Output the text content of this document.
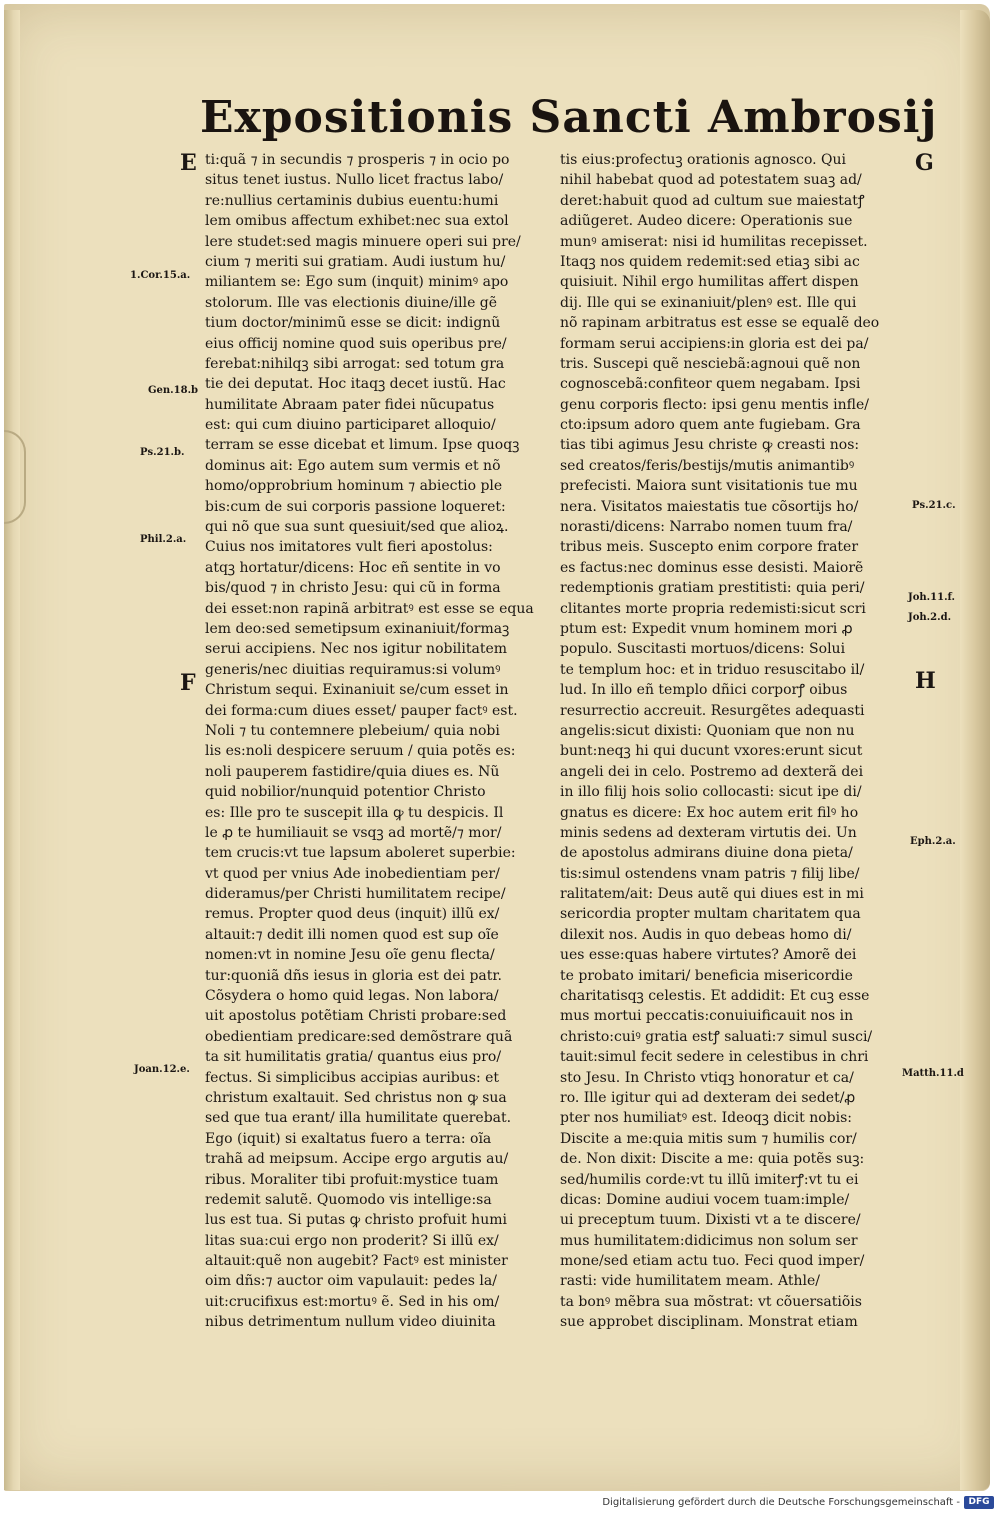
Expositionis Sancti Ambrosij
E
F
G
H
1.Cor.15.a.
Gen.18.b
Ps.21.b.
Phil.2.a.
Joan.12.e.
Ps.21.c.
Joh.11.f.
Joh.2.d.
Eph.2.a.
Matth.11.d
ti:quã ⁊ in secundis ⁊ prosperis ⁊ in ocio po
situs tenet iustus. Nullo licet fractus labo/
re:nullius certaminis dubius euentu:humi
lem omibus affectum exhibet:nec sua extol
lere studet:sed magis minuere operi sui pre/
cium ⁊ meriti sui gratiam. Audi iustum hu/
miliantem se: Ego sum (inquit) minimꝰ apo
stolorum. Ille vas electionis diuine/ille gẽ
tium doctor/minimũ esse se dicit: indignũ
eius officij nomine quod suis operibus pre/
ferebat:nihilqꝫ sibi arrogat: sed totum gra
tie dei deputat. Hoc itaqꝫ decet iustũ. Hac
humilitate Abraam pater fidei nũcupatus
est: qui cum diuino participaret alloquio/
terram se esse dicebat et limum. Ipse quoqꝫ
dominus ait: Ego autem sum vermis et nõ
homo/opprobrium hominum ⁊ abiectio ple
bis:cum de sui corporis passione loqueret:
qui nõ que sua sunt quesiuit/sed que alioꝝ.
Cuius nos imitatores vult fieri apostolus:
atqꝫ hortatur/dicens: Hoc eñ sentite in vo
bis/quod ⁊ in christo Jesu: qui cũ in forma
dei esset:non rapinã arbitratꝰ est esse se equa
lem deo:sed semetipsum exinaniuit/formaꝫ
serui accipiens. Nec nos igitur nobilitatem
generis/nec diuitias requiramus:si volumꝰ
Christum sequi. Exinaniuit se/cum esset in
dei forma:cum diues esset/ pauper factꝰ est.
Noli ⁊ tu contemnere plebeium/ quia nobi
lis es:noli despicere seruum / quia potẽs es:
noli pauperem fastidire/quia diues es. Nũ
quid nobilior/nunquid potentior Christo
es: Ille pro te suscepit illa ꝙ tu despicis. Il
le ꝓ te humiliauit se vsqꝫ ad mortẽ/⁊ mor/
tem crucis:vt tue lapsum aboleret superbie:
vt quod per vnius Ade inobedientiam per/
dideramus/per Christi humilitatem recipe/
remus. Propter quod deus (inquit) illũ ex/
altauit:⁊ dedit illi nomen quod est sup oĩe
nomen:vt in nomine Jesu oĩe genu flecta/
tur:quoniã dñs iesus in gloria est dei patr.
Cõsydera o homo quid legas. Non labora/
uit apostolus potẽtiam Christi probare:sed
obedientiam predicare:sed demõstrare quã
ta sit humilitatis gratia/ quantus eius pro/
fectus. Si simplicibus accipias auribus: et
christum exaltauit. Sed christus non ꝙ sua
sed que tua erant/ illa humilitate querebat.
Ego (iquit) si exaltatus fuero a terra: oĩa
trahã ad meipsum. Accipe ergo argutis au/
ribus. Moraliter tibi profuit:mystice tuam
redemit salutẽ. Quomodo vis intellige:sa
lus est tua. Si putas ꝙ christo profuit humi
litas sua:cui ergo non proderit? Si illũ ex/
altauit:quẽ non augebit? Factꝰ est minister
oim dñs:⁊ auctor oim vapulauit: pedes la/
uit:crucifixus est:mortuꝰ ẽ. Sed in his om/
nibus detrimentum nullum video diuinita
tis eius:profectuꝫ orationis agnosco. Qui
nihil habebat quod ad potestatem suaꝫ ad/
deret:habuit quod ad cultum sue maiestatꝭ
adiũgeret. Audeo dicere: Operationis sue
munꝰ amiserat: nisi id humilitas recepisset.
Itaqꝫ nos quidem redemit:sed etiaꝫ sibi ac
quisiuit. Nihil ergo humilitas affert dispen
dij. Ille qui se exinaniuit/plenꝰ est. Ille qui
nõ rapinam arbitratus est esse se equalẽ deo
formam serui accipiens:in gloria est dei pa/
tris. Suscepi quẽ nesciebã:agnoui quẽ non
cognoscebã:confiteor quem negabam. Ipsi
genu corporis flecto: ipsi genu mentis infle/
cto:ipsum adoro quem ante fugiebam. Gra
tias tibi agimus Jesu christe ꝙ creasti nos:
sed creatos/feris/bestijs/mutis animantibꝰ
prefecisti. Maiora sunt visitationis tue mu
nera. Visitatos maiestatis tue cõsortijs ho/
norasti/dicens: Narrabo nomen tuum fra/
tribus meis. Suscepto enim corpore frater
es factus:nec dominus esse desisti. Maiorẽ
redemptionis gratiam prestitisti: quia peri/
clitantes morte propria redemisti:sicut scri
ptum est: Expedit vnum hominem mori ꝓ
populo. Suscitasti mortuos/dicens: Solui
te templum hoc: et in triduo resuscitabo il/
lud. In illo eñ templo dñici corporꝭ oibus
resurrectio accreuit. Resurgẽtes adequasti
angelis:sicut dixisti: Quoniam que non nu
bunt:neqꝫ hi qui ducunt vxores:erunt sicut
angeli dei in celo. Postremo ad dexterã dei
in illo filij hois solio collocasti: sicut ipe di/
gnatus es dicere: Ex hoc autem erit filꝰ ho
minis sedens ad dexteram virtutis dei. Un
de apostolus admirans diuine dona pieta/
tis:simul ostendens vnam patris ⁊ filij libe/
ralitatem/ait: Deus autẽ qui diues est in mi
sericordia propter multam charitatem qua
dilexit nos. Audis in quo debeas homo di/
ues esse:quas habere virtutes? Amorẽ dei
te probato imitari/ beneficia misericordie
charitatisqꝫ celestis. Et addidit: Et cuꝫ esse
mus mortui peccatis:conuiuificauit nos in
christo:cuiꝰ gratia estꝭ saluati:⁊ simul susci/
tauit:simul fecit sedere in celestibus in chri
sto Jesu. In Christo vtiqꝫ honoratur et ca/
ro. Ille igitur qui ad dexteram dei sedet/ꝓ
pter nos humiliatꝰ est. Ideoqꝫ dicit nobis:
Discite a me:quia mitis sum ⁊ humilis cor/
de. Non dixit: Discite a me: quia potẽs suꝫ:
sed/humilis corde:vt tu illũ imiterꝭ:vt tu ei
dicas: Domine audiui vocem tuam:imple/
ui preceptum tuum. Dixisti vt a te discere/
mus humilitatem:didicimus non solum ser
mone/sed etiam actu tuo. Feci quod imper/
rasti: vide humilitatem meam. Athle/
ta bonꝰ mẽbra sua mõstrat: vt cõuersatiõis
sue approbet disciplinam. Monstrat etiam
Digitalisierung gefördert durch die Deutsche Forschungsgemeinschaft - DFG
